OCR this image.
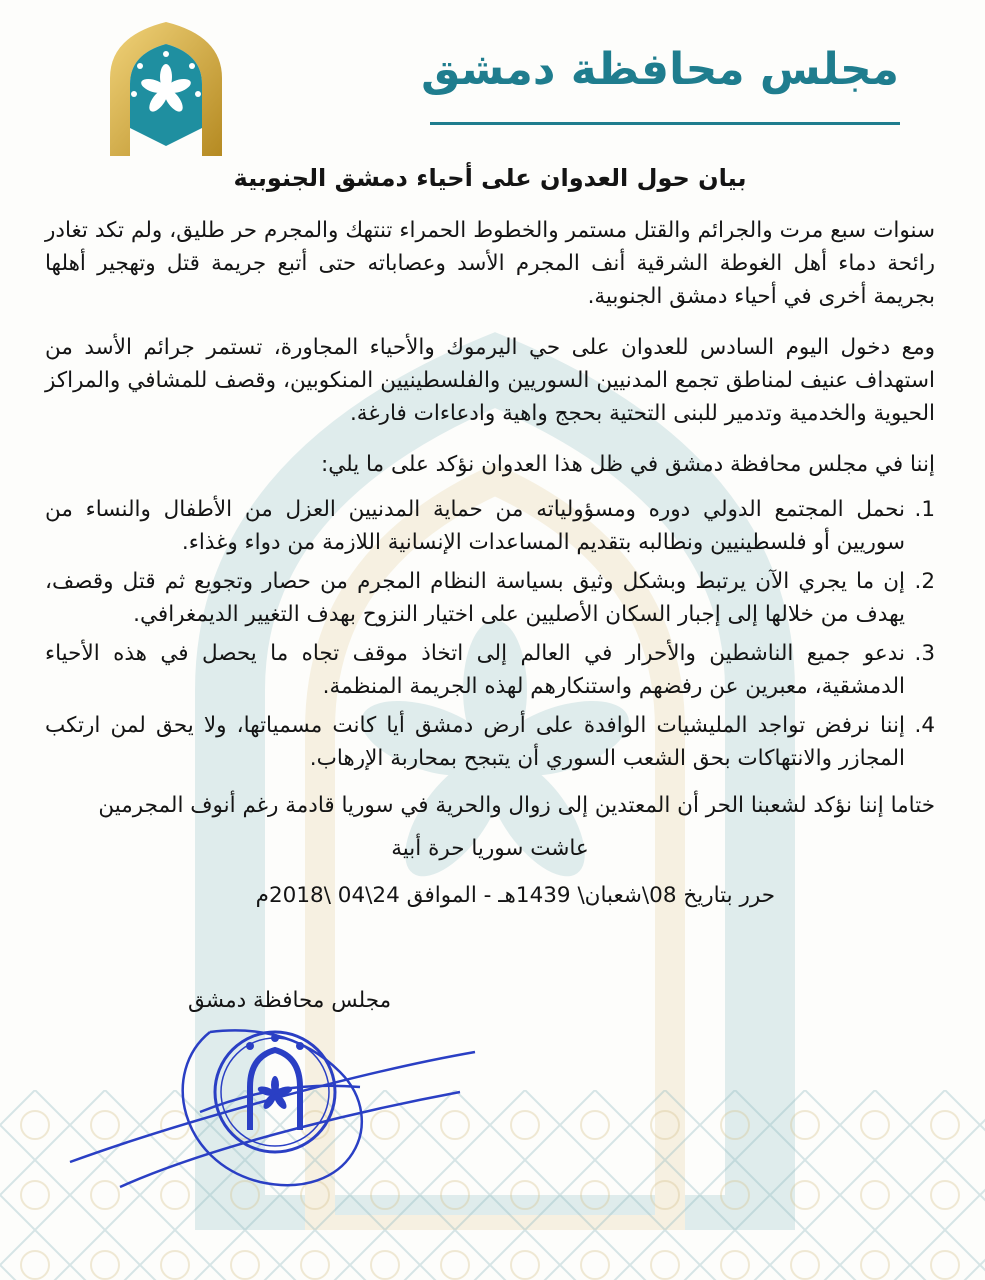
مجلس محافظة دمشق
بيان حول العدوان على أحياء دمشق الجنوبية

سنوات سبع مرت والجرائم والقتل مستمر والخطوط الحمراء تنتهك والمجرم حر طليق، ولم تكد تغادر رائحة دماء أهل الغوطة الشرقية أنف المجرم الأسد وعصاباته حتى أتبع جريمة قتل وتهجير أهلها بجريمة أخرى في أحياء دمشق الجنوبية.

ومع دخول اليوم السادس للعدوان على حي اليرموك والأحياء المجاورة، تستمر جرائم الأسد من استهداف عنيف لمناطق تجمع المدنيين السوريين والفلسطينيين المنكوبين، وقصف للمشافي والمراكز الحيوية والخدمية وتدمير للبنى التحتية بحجج واهية وادعاءات فارغة.

إننا في مجلس محافظة دمشق في ظل هذا العدوان نؤكد على ما يلي:

1.
نحمل المجتمع الدولي دوره ومسؤولياته من حماية المدنيين العزل من الأطفال والنساء من سوريين أو فلسطينيين ونطالبه بتقديم المساعدات الإنسانية اللازمة من دواء وغذاء.
2.
إن ما يجري الآن يرتبط وبشكل وثيق بسياسة النظام المجرم من حصار وتجويع ثم قتل وقصف، يهدف من خلالها إلى إجبار السكان الأصليين على اختيار النزوح بهدف التغيير الديمغرافي.
3.
ندعو جميع الناشطين والأحرار في العالم إلى اتخاذ موقف تجاه ما يحصل في هذه الأحياء الدمشقية، معبرين عن رفضهم واستنكارهم لهذه الجريمة المنظمة.
4.
إننا نرفض تواجد المليشيات الوافدة على أرض دمشق أيا كانت مسمياتها، ولا يحق لمن ارتكب المجازر والانتهاكات بحق الشعب السوري أن يتبجح بمحاربة الإرهاب.

ختاما إننا نؤكد لشعبنا الحر أن المعتدين إلى زوال والحرية في سوريا قادمة رغم أنوف المجرمين

عاشت سوريا حرة أبية
حرر بتاريخ 08\شعبان\ 1439هـ - الموافق 24\04 \2018م
مجلس محافظة دمشق
